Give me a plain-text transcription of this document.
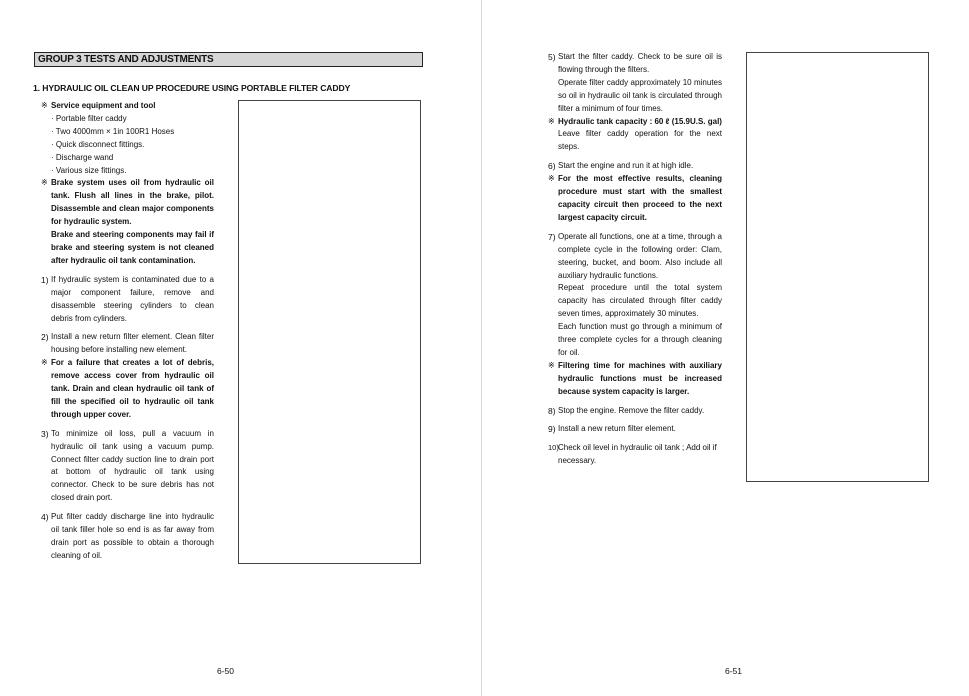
GROUP 3 TESTS AND ADJUSTMENTS
1. HYDRAULIC OIL CLEAN UP PROCEDURE USING PORTABLE FILTER CADDY
※ Service equipment and tool

· Portable filter caddy

· Two 4000mm × 1in 100R1 Hoses

· Quick disconnect fittings.

· Discharge wand

· Various size fittings.

※ Brake system uses oil from hydraulic oil tank. Flush all lines in the brake, pilot. Disassemble and clean major components for hydraulic system.

Brake and steering components may fail if brake and steering system is not cleaned after hydraulic oil tank contamination.

1) If hydraulic system is contaminated due to a major component failure, remove and disassemble steering cylinders to clean debris from cylinders.

2) Install a new return filter element. Clean filter housing before installing new element.

※ For a failure that creates a lot of debris, remove access cover from hydraulic oil tank. Drain and clean hydraulic oil tank of fill the specified oil to hydraulic oil tank through upper cover.

3) To minimize oil loss, pull a vacuum in hydraulic oil tank using a vacuum pump. Connect filter caddy suction line to drain port at bottom of hydraulic oil tank using connector. Check to be sure debris has not closed drain port.

4) Put filter caddy discharge line into hydraulic oil tank filler hole so end is as far away from drain port as possible to obtain a thorough cleaning of oil.

6-50
5) Start the filter caddy. Check to be sure oil is flowing through the filters.

Operate filter caddy approximately 10 minutes so oil in hydraulic oil tank is circulated through filter a minimum of four times.

※ Hydraulic tank capacity : 60 ℓ (15.9U.S. gal)

Leave filter caddy operation for the next steps.

6) Start the engine and run it at high idle.

※ For the most effective results, cleaning procedure must start with the smallest capacity circuit then proceed to the next largest capacity circuit.

7) Operate all functions, one at a time, through a complete cycle in the following order: Clam, steering, bucket, and boom. Also include all auxiliary hydraulic functions.

Repeat procedure until the total system capacity has circulated through filter caddy seven times, approximately 30 minutes.

Each function must go through a minimum of three complete cycles for a through cleaning for oil.

※ Filtering time for machines with auxiliary hydraulic functions must be increased because system capacity is larger.

8) Stop the engine. Remove the filter caddy.

9) Install a new return filter element.

10) Check oil level in hydraulic oil tank ; Add oil if necessary.

6-51
